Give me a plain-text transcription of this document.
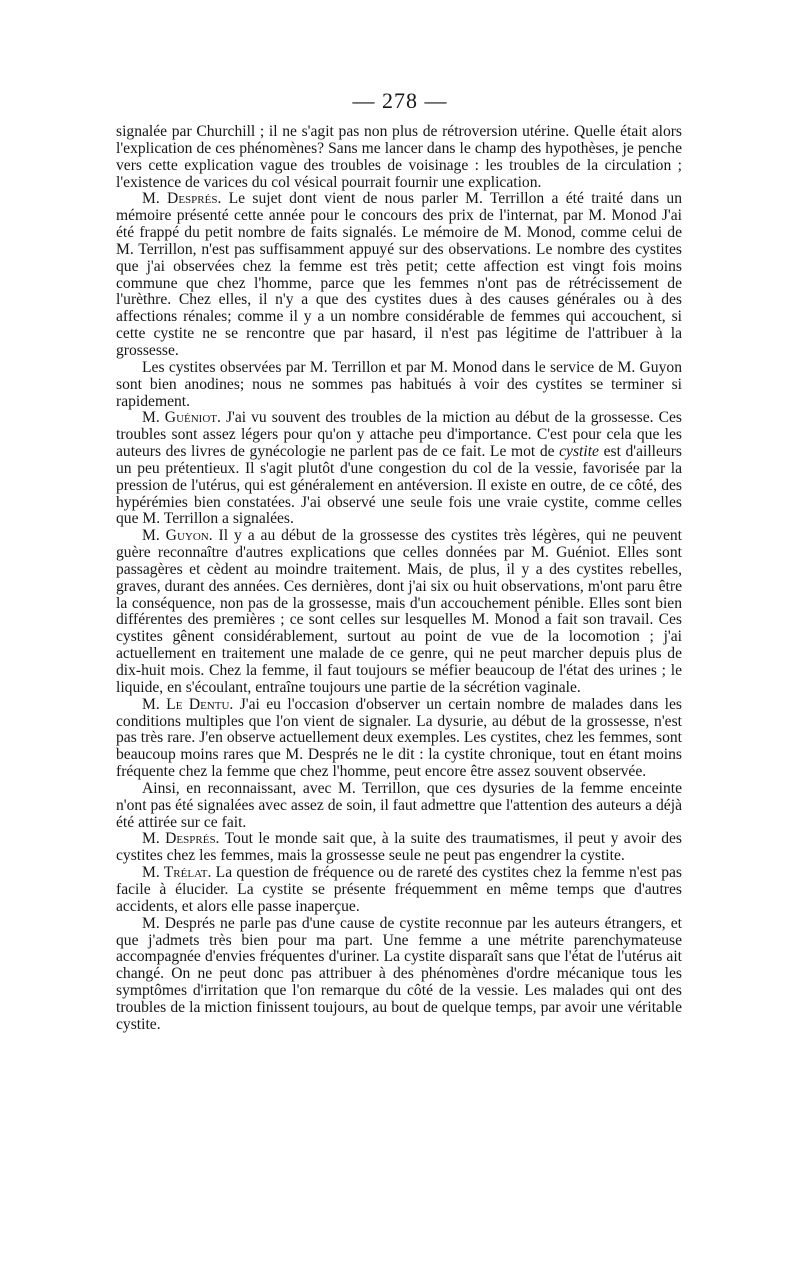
— 278 —

signalée par Churchill ; il ne s'agit pas non plus de rétroversion utérine. Quelle était alors l'explication de ces phénomènes? Sans me lancer dans le champ des hypothèses, je penche vers cette explication vague des troubles de voisinage : les troubles de la circulation ; l'existence de varices du col vésical pourrait fournir une explication.

M. Després. Le sujet dont vient de nous parler M. Terrillon a été traité dans un mémoire présenté cette année pour le concours des prix de l'internat, par M. Monod J'ai été frappé du petit nombre de faits signalés. Le mémoire de M. Monod, comme celui de M. Terrillon, n'est pas suffisamment appuyé sur des observations. Le nombre des cystites que j'ai observées chez la femme est très petit; cette affection est vingt fois moins commune que chez l'homme, parce que les femmes n'ont pas de rétrécissement de l'urèthre. Chez elles, il n'y a que des cystites dues à des causes générales ou à des affections rénales; comme il y a un nombre considérable de femmes qui accouchent, si cette cystite ne se rencontre que par hasard, il n'est pas légitime de l'attribuer à la grossesse.

Les cystites observées par M. Terrillon et par M. Monod dans le service de M. Guyon sont bien anodines; nous ne sommes pas habitués à voir des cystites se terminer si rapidement.

M. Guéniot. J'ai vu souvent des troubles de la miction au début de la grossesse. Ces troubles sont assez légers pour qu'on y attache peu d'importance. C'est pour cela que les auteurs des livres de gynécologie ne parlent pas de ce fait. Le mot de cystite est d'ailleurs un peu prétentieux. Il s'agit plutôt d'une congestion du col de la vessie, favorisée par la pression de l'utérus, qui est généralement en antéversion. Il existe en outre, de ce côté, des hypérémies bien constatées. J'ai observé une seule fois une vraie cystite, comme celles que M. Terrillon a signalées.

M. Guyon. Il y a au début de la grossesse des cystites très légères, qui ne peuvent guère reconnaître d'autres explications que celles données par M. Guéniot. Elles sont passagères et cèdent au moindre traitement. Mais, de plus, il y a des cystites rebelles, graves, durant des années. Ces dernières, dont j'ai six ou huit observations, m'ont paru être la conséquence, non pas de la grossesse, mais d'un accouchement pénible. Elles sont bien différentes des premières ; ce sont celles sur lesquelles M. Monod a fait son travail. Ces cystites gênent considérablement, surtout au point de vue de la locomotion ; j'ai actuellement en traitement une malade de ce genre, qui ne peut marcher depuis plus de dix-huit mois. Chez la femme, il faut toujours se méfier beaucoup de l'état des urines ; le liquide, en s'écoulant, entraîne toujours une partie de la sécrétion vaginale.

M. Le Dentu. J'ai eu l'occasion d'observer un certain nombre de malades dans les conditions multiples que l'on vient de signaler. La dysurie, au début de la grossesse, n'est pas très rare. J'en observe actuellement deux exemples. Les cystites, chez les femmes, sont beaucoup moins rares que M. Després ne le dit : la cystite chronique, tout en étant moins fréquente chez la femme que chez l'homme, peut encore être assez souvent observée.

Ainsi, en reconnaissant, avec M. Terrillon, que ces dysuries de la femme enceinte n'ont pas été signalées avec assez de soin, il faut admettre que l'attention des auteurs a déjà été attirée sur ce fait.

M. Després. Tout le monde sait que, à la suite des traumatismes, il peut y avoir des cystites chez les femmes, mais la grossesse seule ne peut pas engendrer la cystite.

M. Trélat. La question de fréquence ou de rareté des cystites chez la femme n'est pas facile à élucider. La cystite se présente fréquemment en même temps que d'autres accidents, et alors elle passe inaperçue.

M. Després ne parle pas d'une cause de cystite reconnue par les auteurs étrangers, et que j'admets très bien pour ma part. Une femme a une métrite parenchymateuse accompagnée d'envies fréquentes d'uriner. La cystite disparaît sans que l'état de l'utérus ait changé. On ne peut donc pas attribuer à des phénomènes d'ordre mécanique tous les symptômes d'irritation que l'on remarque du côté de la vessie. Les malades qui ont des troubles de la miction finissent toujours, au bout de quelque temps, par avoir une véritable cystite.
